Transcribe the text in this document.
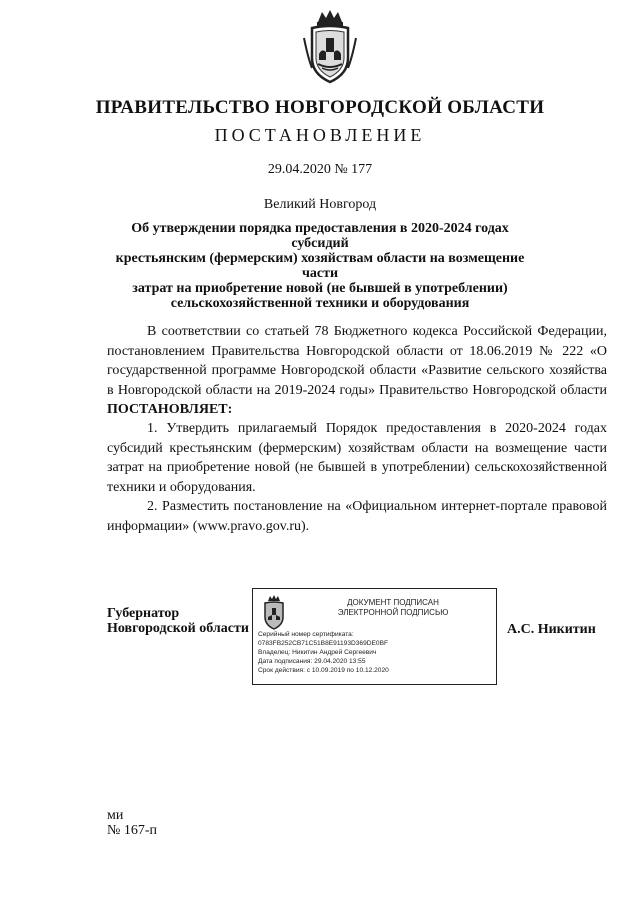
ПРАВИТЕЛЬСТВО НОВГОРОДСКОЙ ОБЛАСТИ
ПОСТАНОВЛЕНИЕ
29.04.2020 № 177
Великий Новгород
Об утверждении порядка предоставления в 2020-2024 годах субсидий
крестьянским (фермерским) хозяйствам области на возмещение части
затрат на приобретение новой (не бывшей в употреблении)
сельскохозяйственной техники и оборудования

В соответствии со статьей 78 Бюджетного кодекса Российской Федерации, постановлением Правительства Новгородской области от 18.06.2019 № 222 «О государственной программе Новгородской области «Развитие сельского хозяйства в Новгородской области на 2019-2024 годы» Правительство Новгородской области ПОСТАНОВЛЯЕТ:

1. Утвердить прилагаемый Порядок предоставления в 2020-2024 годах субсидий крестьянским (фермерским) хозяйствам области на возмещение части затрат на приобретение новой (не бывшей в употреблении) сельскохозяйственной техники и оборудования.

2. Разместить постановление на «Официальном интернет-портале правовой информации» (www.pravo.gov.ru).

Губернатор
Новгородской области
ДОКУМЕНТ ПОДПИСАН
ЭЛЕКТРОННОЙ ПОДПИСЬЮ
Серийный номер сертификата:
0783FB252CB71C51B8E91193D369DE0BF
Владелец: Никитин Андрей Сергеевич
Дата подписания: 29.04.2020 13:55
Срок действия: с 10.09.2019 по 10.12.2020
А.С. Никитин
ми
№ 167-п
